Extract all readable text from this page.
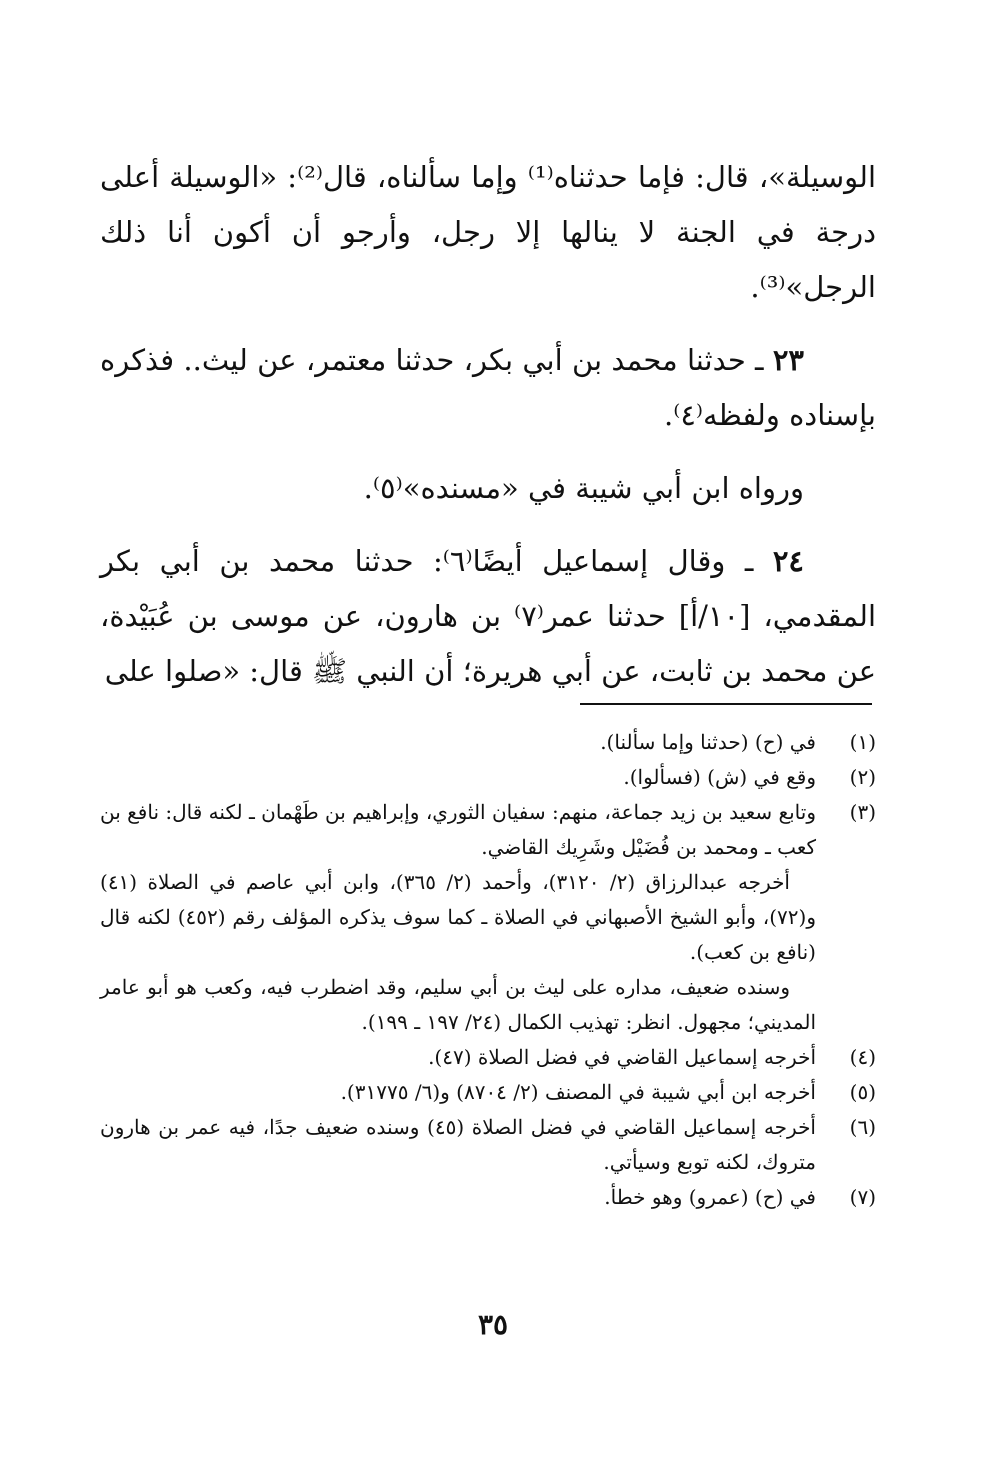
الوسيلة»، قال: فإما حدثناه⁽¹⁾ وإما سألناه، قال⁽²⁾: «الوسيلة أعلى درجة في الجنة لا ينالها إلا رجل، وأرجو أن أكون أنا ذلك الرجل»⁽³⁾.

٢٣ ـ حدثنا محمد بن أبي بكر، حدثنا معتمر، عن ليث.. فذكره بإسناده ولفظه⁽٤⁾.

ورواه ابن أبي شيبة في «مسنده»⁽٥⁾.

٢٤ ـ وقال إسماعيل أيضًا⁽٦⁾: حدثنا محمد بن أبي بكر المقدمي، [١٠/أ] حدثنا عمر⁽٧⁾ بن هارون، عن موسى بن عُبَيْدة، عن محمد بن ثابت، عن أبي هريرة؛ أن النبي ﷺ قال: «صلوا على

(١)
في (ح) (حدثنا وإما سألنا).
(٢)
وقع في (ش) (فسألوا).
(٣)
وتابع سعيد بن زيد جماعة، منهم: سفيان الثوري، وإبراهيم بن طَهْمان ـ لكنه قال: نافع بن كعب ـ ومحمد بن فُضَيْل وشَرِيك القاضي.
أخرجه عبدالرزاق (٢/ ٣١٢٠)، وأحمد (٢/ ٣٦٥)، وابن أبي عاصم في الصلاة (٤١) و(٧٢)، وأبو الشيخ الأصبهاني في الصلاة ـ كما سوف يذكره المؤلف رقم (٤٥٢) لكنه قال (نافع بن كعب).
وسنده ضعيف، مداره على ليث بن أبي سليم، وقد اضطرب فيه، وكعب هو أبو عامر المديني؛ مجهول. انظر: تهذيب الكمال (٢٤/ ١٩٧ ـ ١٩٩).
(٤)
أخرجه إسماعيل القاضي في فضل الصلاة (٤٧).
(٥)
أخرجه ابن أبي شيبة في المصنف (٢/ ٨٧٠٤) و(٦/ ٣١٧٧٥).
(٦)
أخرجه إسماعيل القاضي في فضل الصلاة (٤٥) وسنده ضعيف جدًا، فيه عمر بن هارون متروك، لكنه توبع وسيأتي.
(٧)
في (ح) (عمرو) وهو خطأ.
٣٥
